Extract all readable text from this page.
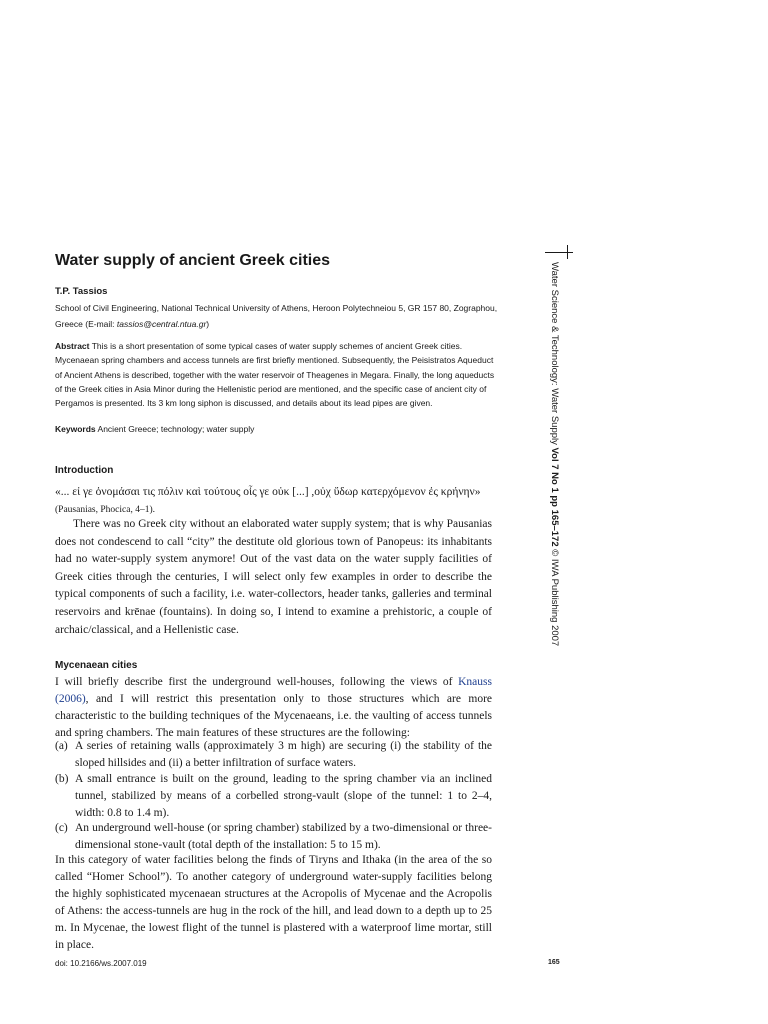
Water supply of ancient Greek cities
T.P. Tassios
School of Civil Engineering, National Technical University of Athens, Heroon Polytechneiou 5, GR 157 80, Zographou, Greece (E-mail: tassios@central.ntua.gr)
Abstract This is a short presentation of some typical cases of water supply schemes of ancient Greek cities. Mycenaean spring chambers and access tunnels are first briefly mentioned. Subsequently, the Peisistratos Aqueduct of Ancient Athens is described, together with the water reservoir of Theagenes in Megara. Finally, the long aqueducts of the Greek cities in Asia Minor during the Hellenistic period are mentioned, and the specific case of ancient city of Pergamos is presented. Its 3 km long siphon is discussed, and details about its lead pipes are given.
Keywords Ancient Greece; technology; water supply
Introduction
«... εἰ γε ὀνομάσαι τις πόλιν καὶ τούτους οἷς γε οὐκ [...] ,οὐχ ὕδωρ κατερχόμενον ἐς κρήνην» (Pausanias, Phocica, 4–1).

There was no Greek city without an elaborated water supply system; that is why Pausanias does not condescend to call “city” the destitute old glorious town of Panopeus: its inhabitants had no water-supply system anymore! Out of the vast data on the water supply facilities of Greek cities through the centuries, I will select only few examples in order to describe the typical components of such a facility, i.e. water-collectors, header tanks, galleries and terminal reservoirs and krēnae (fountains). In doing so, I intend to examine a prehistoric, a couple of archaic/classical, and a Hellenistic case.

Mycenaean cities

I will briefly describe first the underground well-houses, following the views of Knauss (2006), and I will restrict this presentation only to those structures which are more characteristic to the building techniques of the Mycenaeans, i.e. the vaulting of access tunnels and spring chambers. The main features of these structures are the following:

(a) A series of retaining walls (approximately 3 m high) are securing (i) the stability of the sloped hillsides and (ii) a better infiltration of surface waters.
(b) A small entrance is built on the ground, leading to the spring chamber via an inclined tunnel, stabilized by means of a corbelled strong-vault (slope of the tunnel: 1 to 2–4, width: 0.8 to 1.4 m).
(c) An underground well-house (or spring chamber) stabilized by a two-dimensional or three-dimensional stone-vault (total depth of the installation: 5 to 15 m).

In this category of water facilities belong the finds of Tiryns and Ithaka (in the area of the so called “Homer School”). To another category of underground water-supply facilities belong the highly sophisticated mycenaean structures at the Acropolis of Mycenae and the Acropolis of Athens: the access-tunnels are hug in the rock of the hill, and lead down to a depth up to 25 m. In Mycenae, the lowest flight of the tunnel is plastered with a waterproof lime mortar, still in place.

doi: 10.2166/ws.2007.019	165
Water Science & Technology: Water Supply Vol 7 No 1 pp 165–172 © IWA Publishing 2007
